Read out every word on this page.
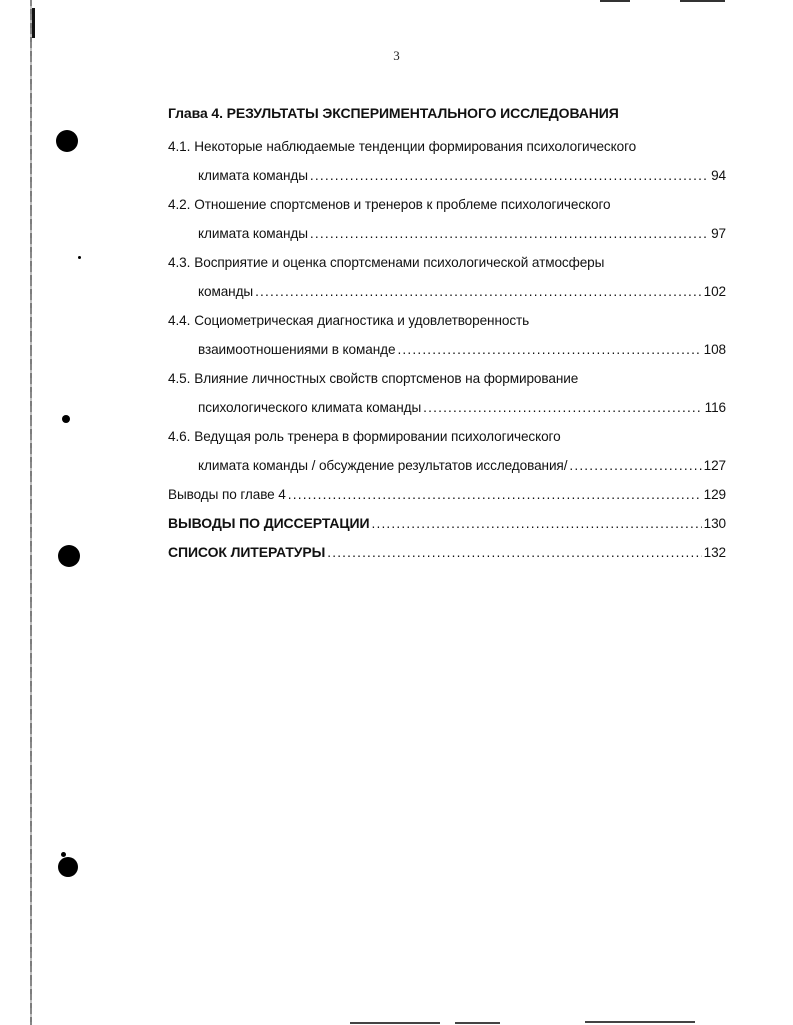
3
Глава 4. РЕЗУЛЬТАТЫ ЭКСПЕРИМЕНТАЛЬНОГО ИССЛЕДОВАНИЯ
4.1. Некоторые наблюдаемые тенденции формирования психологического
климата команды .....	94
4.2. Отношение спортсменов и тренеров к проблеме психологического
климата команды .....	97
4.3. Восприятие и оценка спортсменами психологической атмосферы
команды .....	102
4.4. Социометрическая диагностика и удовлетворенность
взаимоотношениями в команде .....	108
4.5. Влияние личностных свойств спортсменов на формирование
психологического климата команды .....	116
4.6. Ведущая роль тренера в формировании психологического
климата команды / обсуждение результатов исследования/ .....	127
Выводы по главе 4 .....	129
ВЫВОДЫ ПО ДИССЕРТАЦИИ .....	130
СПИСОК ЛИТЕРАТУРЫ .....	132
